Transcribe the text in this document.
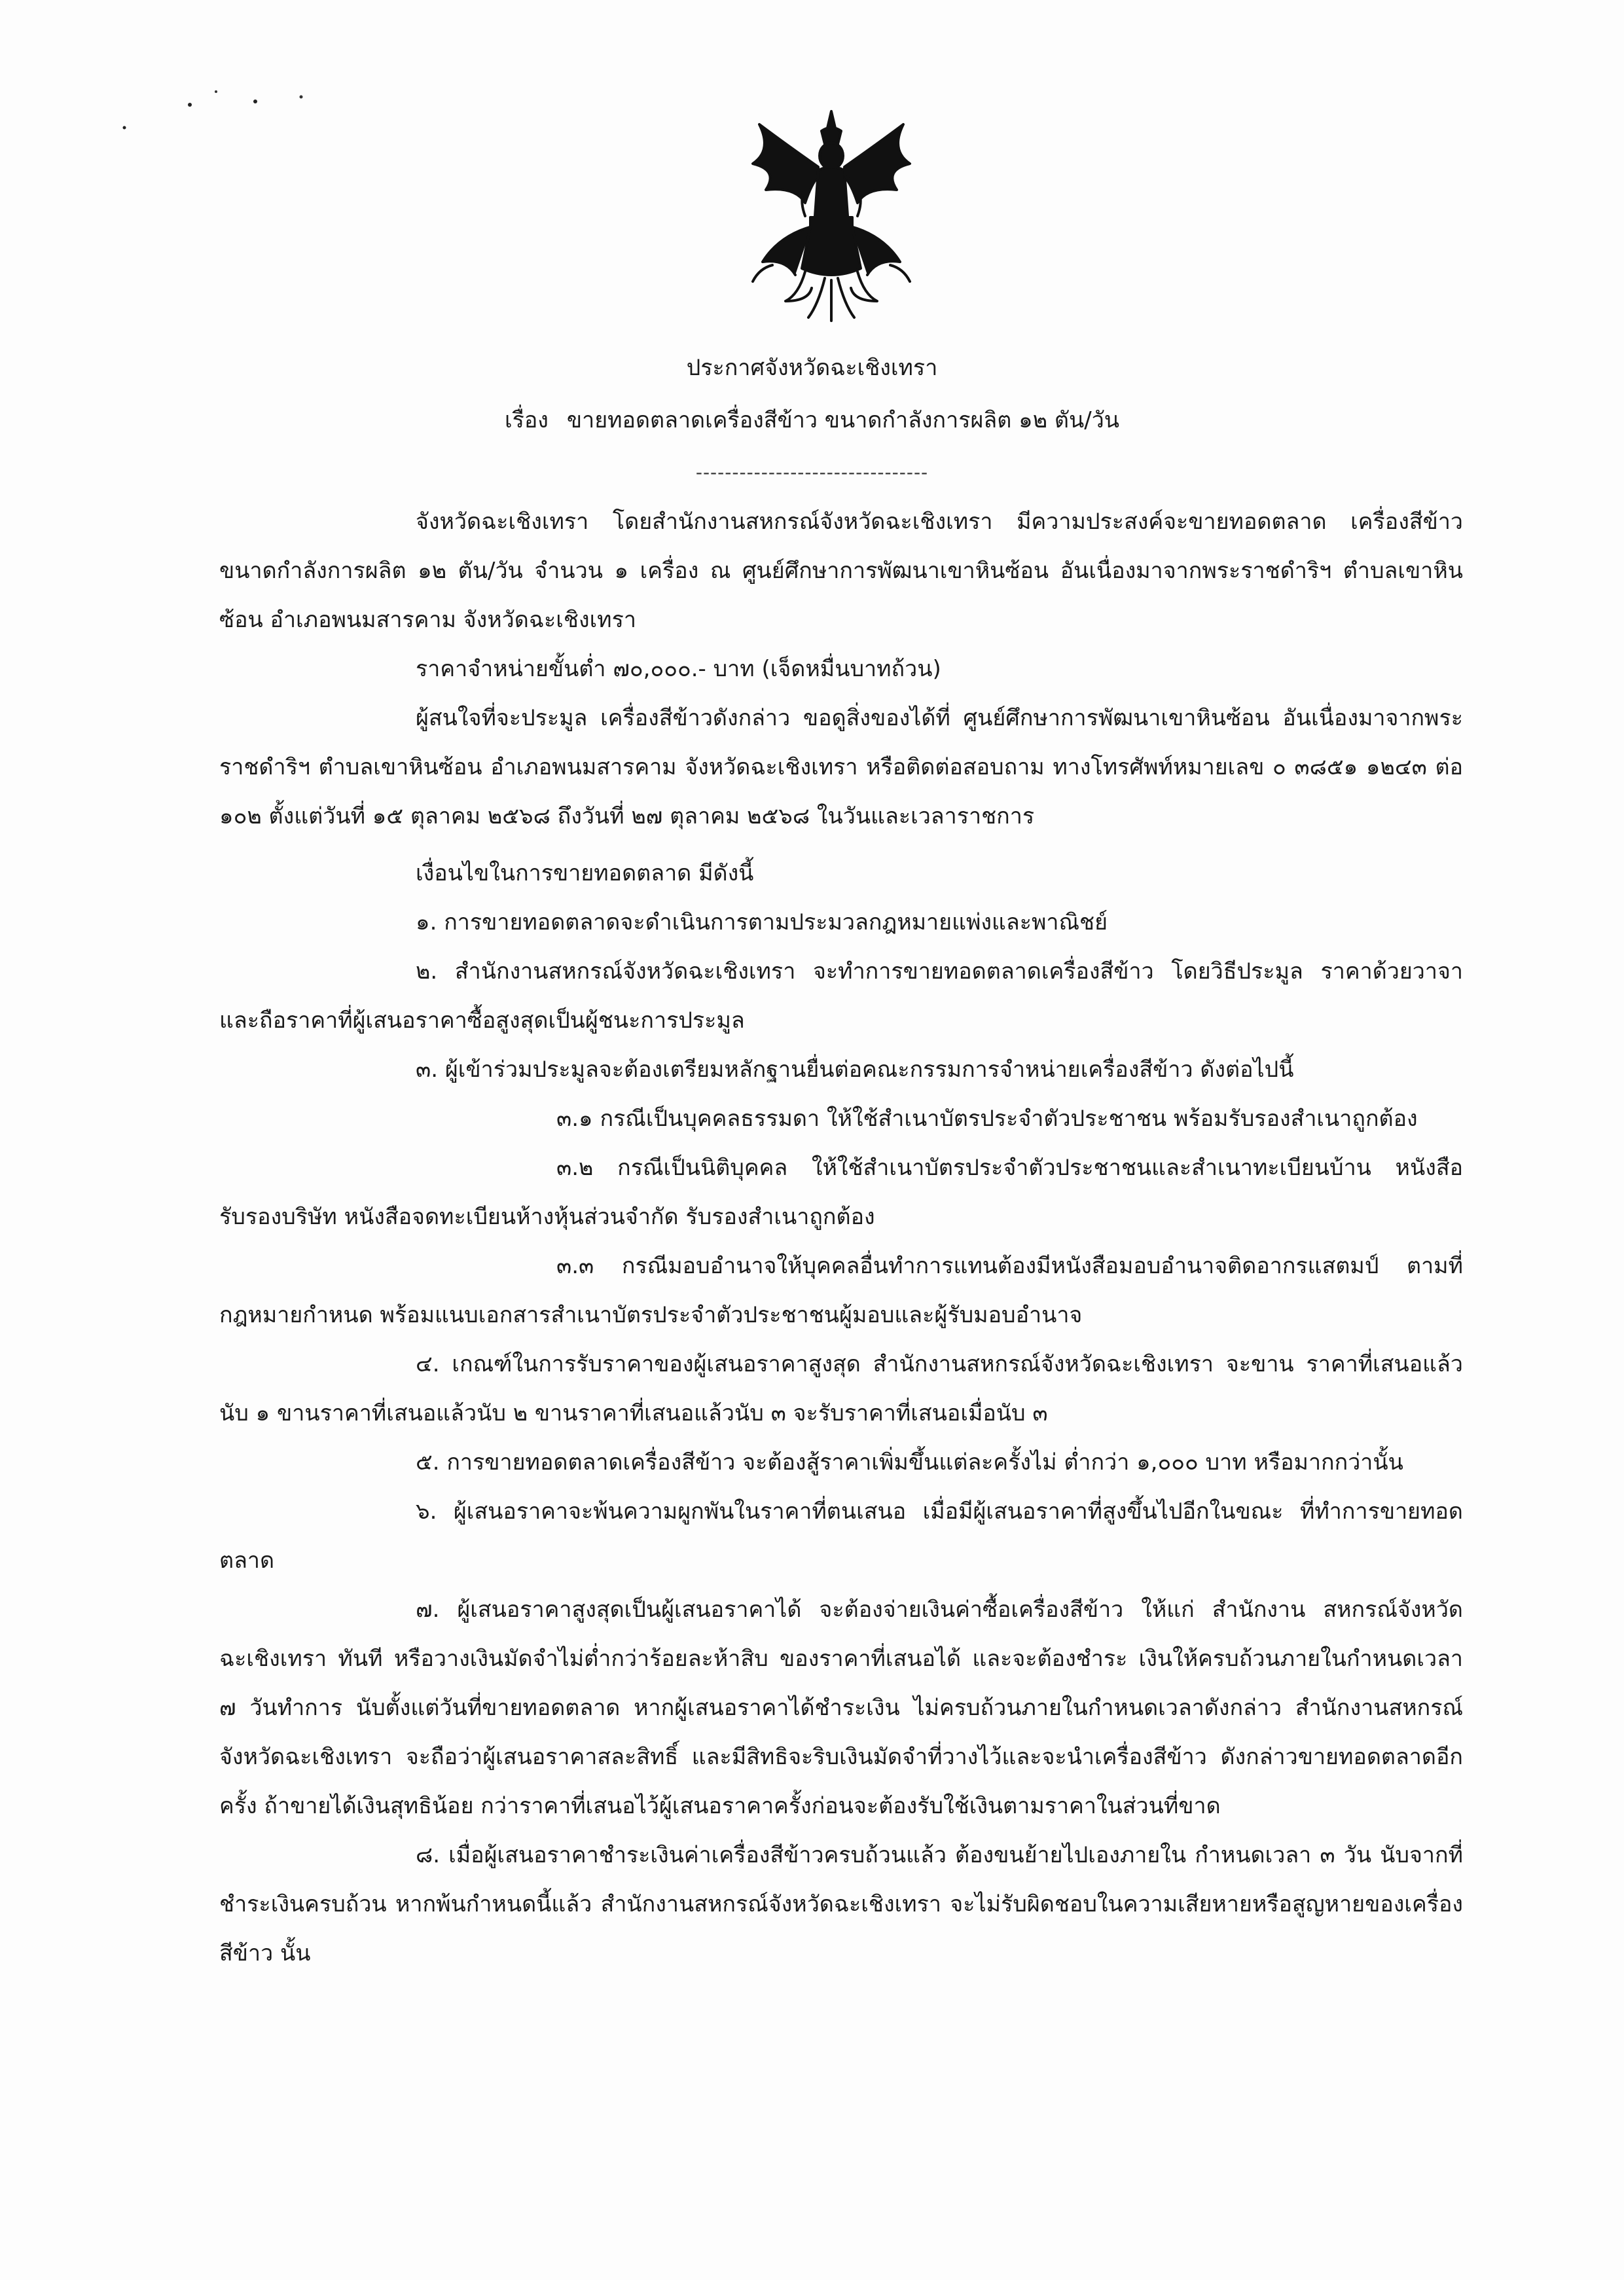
ประกาศจังหวัดฉะเชิงเทรา
เรื่อง ขายทอดตลาดเครื่องสีข้าว ขนาดกำลังการผลิต ๑๒ ตัน/วัน
--------------------------------

จังหวัดฉะเชิงเทรา โดยสำนักงานสหกรณ์จังหวัดฉะเชิงเทรา มีความประสงค์จะขายทอดตลาด เครื่องสีข้าว ขนาดกำลังการผลิต ๑๒ ตัน/วัน จำนวน ๑ เครื่อง ณ ศูนย์ศึกษาการพัฒนาเขาหินซ้อน อันเนื่องมาจากพระราชดำริฯ ตำบลเขาหินซ้อน อำเภอพนมสารคาม จังหวัดฉะเชิงเทรา

ราคาจำหน่ายขั้นต่ำ ๗๐,๐๐๐.- บาท (เจ็ดหมื่นบาทถ้วน)

ผู้สนใจที่จะประมูล เครื่องสีข้าวดังกล่าว ขอดูสิ่งของได้ที่ ศูนย์ศึกษาการพัฒนาเขาหินซ้อน อันเนื่องมาจากพระราชดำริฯ ตำบลเขาหินซ้อน อำเภอพนมสารคาม จังหวัดฉะเชิงเทรา หรือติดต่อสอบถาม ทางโทรศัพท์หมายเลข ๐ ๓๘๕๑ ๑๒๔๓ ต่อ ๑๐๒ ตั้งแต่วันที่ ๑๕ ตุลาคม ๒๕๖๘ ถึงวันที่ ๒๗ ตุลาคม ๒๕๖๘ ในวันและเวลาราชการ

เงื่อนไขในการขายทอดตลาด มีดังนี้

๑. การขายทอดตลาดจะดำเนินการตามประมวลกฎหมายแพ่งและพาณิชย์

๒. สำนักงานสหกรณ์จังหวัดฉะเชิงเทรา จะทำการขายทอดตลาดเครื่องสีข้าว โดยวิธีประมูล ราคาด้วยวาจา และถือราคาที่ผู้เสนอราคาซื้อสูงสุดเป็นผู้ชนะการประมูล

๓. ผู้เข้าร่วมประมูลจะต้องเตรียมหลักฐานยื่นต่อคณะกรรมการจำหน่ายเครื่องสีข้าว ดังต่อไปนี้

๓.๑ กรณีเป็นบุคคลธรรมดา ให้ใช้สำเนาบัตรประจำตัวประชาชน พร้อมรับรองสำเนาถูกต้อง

๓.๒ กรณีเป็นนิติบุคคล ให้ใช้สำเนาบัตรประจำตัวประชาชนและสำเนาทะเบียนบ้าน หนังสือรับรองบริษัท หนังสือจดทะเบียนห้างหุ้นส่วนจำกัด รับรองสำเนาถูกต้อง

๓.๓ กรณีมอบอำนาจให้บุคคลอื่นทำการแทนต้องมีหนังสือมอบอำนาจติดอากรแสตมป์ ตามที่กฎหมายกำหนด พร้อมแนบเอกสารสำเนาบัตรประจำตัวประชาชนผู้มอบและผู้รับมอบอำนาจ

๔. เกณฑ์ในการรับราคาของผู้เสนอราคาสูงสุด สำนักงานสหกรณ์จังหวัดฉะเชิงเทรา จะขาน ราคาที่เสนอแล้วนับ ๑ ขานราคาที่เสนอแล้วนับ ๒ ขานราคาที่เสนอแล้วนับ ๓ จะรับราคาที่เสนอเมื่อนับ ๓

๕. การขายทอดตลาดเครื่องสีข้าว จะต้องสู้ราคาเพิ่มขึ้นแต่ละครั้งไม่ ต่ำกว่า ๑,๐๐๐ บาท หรือมากกว่านั้น

๖. ผู้เสนอราคาจะพ้นความผูกพันในราคาที่ตนเสนอ เมื่อมีผู้เสนอราคาที่สูงขึ้นไปอีกในขณะ ที่ทำการขายทอดตลาด

๗. ผู้เสนอราคาสูงสุดเป็นผู้เสนอราคาได้ จะต้องจ่ายเงินค่าซื้อเครื่องสีข้าว ให้แก่ สำนักงาน สหกรณ์จังหวัดฉะเชิงเทรา ทันที หรือวางเงินมัดจำไม่ต่ำกว่าร้อยละห้าสิบ ของราคาที่เสนอได้ และจะต้องชำระ เงินให้ครบถ้วนภายในกำหนดเวลา ๗ วันทำการ นับตั้งแต่วันที่ขายทอดตลาด หากผู้เสนอราคาได้ชำระเงิน ไม่ครบถ้วนภายในกำหนดเวลาดังกล่าว สำนักงานสหกรณ์จังหวัดฉะเชิงเทรา จะถือว่าผู้เสนอราคาสละสิทธิ์ และมีสิทธิจะริบเงินมัดจำที่วางไว้และจะนำเครื่องสีข้าว ดังกล่าวขายทอดตลาดอีกครั้ง ถ้าขายได้เงินสุทธิน้อย กว่าราคาที่เสนอไว้ผู้เสนอราคาครั้งก่อนจะต้องรับใช้เงินตามราคาในส่วนที่ขาด

๘. เมื่อผู้เสนอราคาชำระเงินค่าเครื่องสีข้าวครบถ้วนแล้ว ต้องขนย้ายไปเองภายใน กำหนดเวลา ๓ วัน นับจากที่ชำระเงินครบถ้วน หากพ้นกำหนดนี้แล้ว สำนักงานสหกรณ์จังหวัดฉะเชิงเทรา จะไม่รับผิดชอบในความเสียหายหรือสูญหายของเครื่องสีข้าว นั้น
